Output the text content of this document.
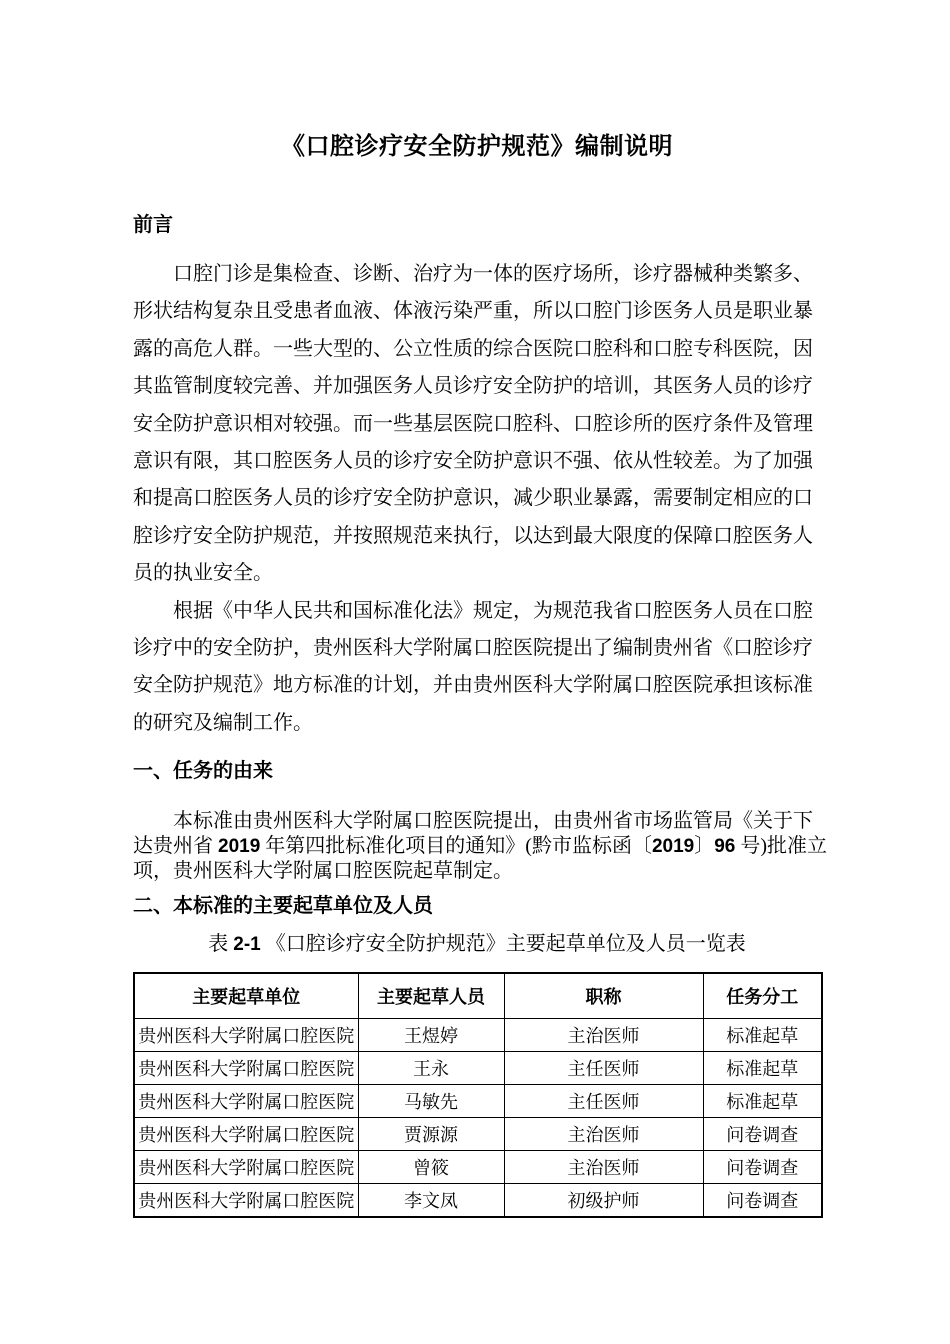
《口腔诊疗安全防护规范》编制说明
前言
口腔门诊是集检查、诊断、治疗为一体的医疗场所，诊疗器械种类繁多、
形状结构复杂且受患者血液、体液污染严重，所以口腔门诊医务人员是职业暴
露的高危人群。一些大型的、公立性质的综合医院口腔科和口腔专科医院，因
其监管制度较完善、并加强医务人员诊疗安全防护的培训，其医务人员的诊疗
安全防护意识相对较强。而一些基层医院口腔科、口腔诊所的医疗条件及管理
意识有限，其口腔医务人员的诊疗安全防护意识不强、依从性较差。为了加强
和提高口腔医务人员的诊疗安全防护意识，减少职业暴露，需要制定相应的口
腔诊疗安全防护规范，并按照规范来执行，以达到最大限度的保障口腔医务人
员的执业安全。
根据《中华人民共和国标准化法》规定，为规范我省口腔医务人员在口腔
诊疗中的安全防护，贵州医科大学附属口腔医院提出了编制贵州省《口腔诊疗
安全防护规范》地方标准的计划，并由贵州医科大学附属口腔医院承担该标准
的研究及编制工作。
一、任务的由来
本标准由贵州医科大学附属口腔医院提出，由贵州省市场监管局《关于下
达贵州省 2019 年第四批标准化项目的通知》(黔市监标函〔2019〕96 号)批准立
项，贵州医科大学附属口腔医院起草制定。
二、本标准的主要起草单位及人员
表 2-1 《口腔诊疗安全防护规范》主要起草单位及人员一览表
主要起草单位	主要起草人员	职称	任务分工
贵州医科大学附属口腔医院	王煜婷	主治医师	标准起草
贵州医科大学附属口腔医院	王永	主任医师	标准起草
贵州医科大学附属口腔医院	马敏先	主任医师	标准起草
贵州医科大学附属口腔医院	贾源源	主治医师	问卷调查
贵州医科大学附属口腔医院	曾筱	主治医师	问卷调查
贵州医科大学附属口腔医院	李文凤	初级护师	问卷调查
